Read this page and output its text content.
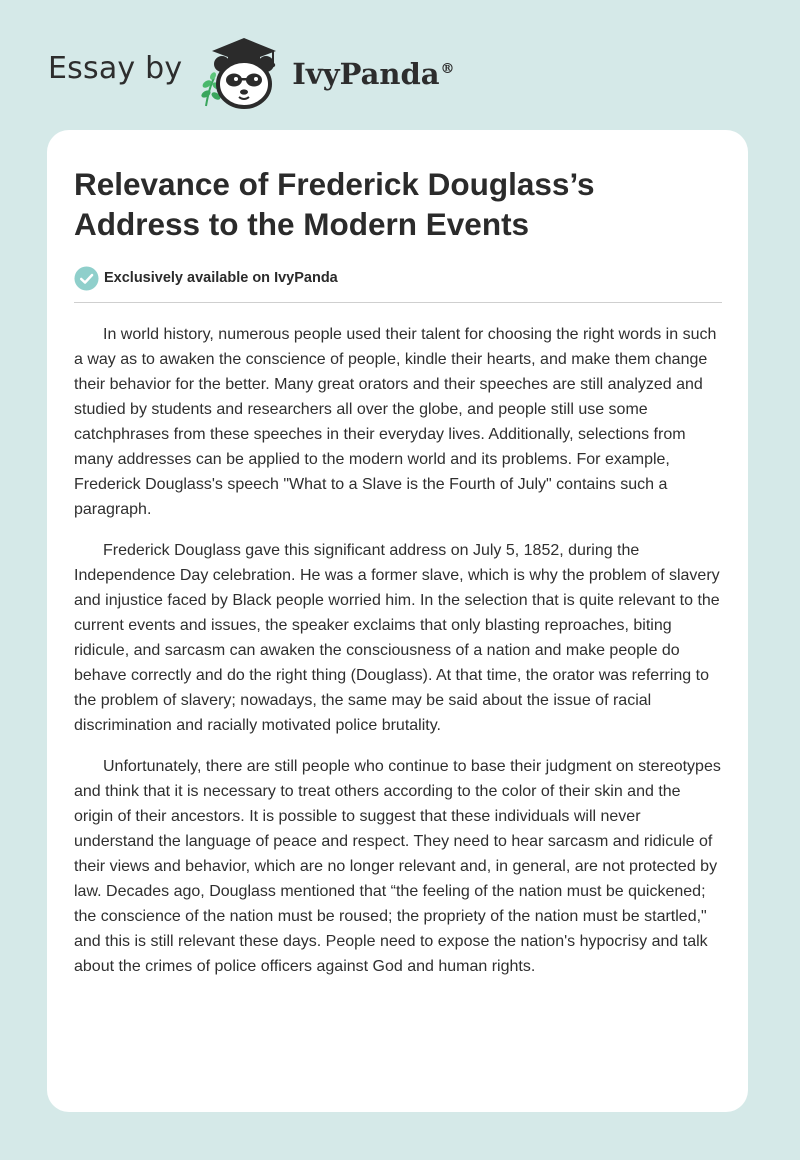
Essay by	IvyPanda®
Relevance of Frederick Douglass’s Address to the Modern Events
Exclusively available on IvyPanda

In world history, numerous people used their talent for choosing the right words in such a way as to awaken the conscience of people, kindle their hearts, and make them change their behavior for the better. Many great orators and their speeches are still analyzed and studied by students and researchers all over the globe, and people still use some catchphrases from these speeches in their everyday lives. Additionally, selections from many addresses can be applied to the modern world and its problems. For example, Frederick Douglass's speech "What to a Slave is the Fourth of July" contains such a paragraph.

Frederick Douglass gave this significant address on July 5, 1852, during the Independence Day celebration. He was a former slave, which is why the problem of slavery and injustice faced by Black people worried him. In the selection that is quite relevant to the current events and issues, the speaker exclaims that only blasting reproaches, biting ridicule, and sarcasm can awaken the consciousness of a nation and make people do behave correctly and do the right thing (Douglass). At that time, the orator was referring to the problem of slavery; nowadays, the same may be said about the issue of racial discrimination and racially motivated police brutality.

Unfortunately, there are still people who continue to base their judgment on stereotypes and think that it is necessary to treat others according to the color of their skin and the origin of their ancestors. It is possible to suggest that these individuals will never understand the language of peace and respect. They need to hear sarcasm and ridicule of their views and behavior, which are no longer relevant and, in general, are not protected by law. Decades ago, Douglass mentioned that “the feeling of the nation must be quickened; the conscience of the nation must be roused; the propriety of the nation must be startled," and this is still relevant these days. People need to expose the nation's hypocrisy and talk about the crimes of police officers against God and human rights.
